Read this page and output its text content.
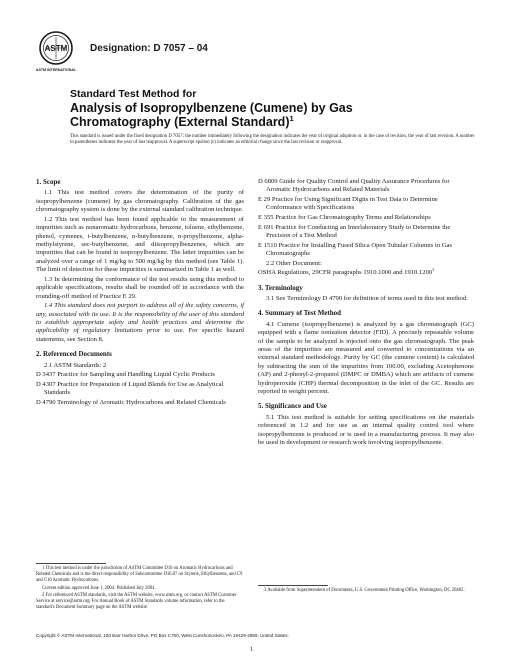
ASTM
ASTM INTERNATIONAL
Designation: D 7057 – 04
Standard Test Method for
Analysis of Isopropylbenzene (Cumene) by Gas
Chromatography (External Standard)$^1$
This standard is issued under the fixed designation D 7057; the number immediately following the designation indicates the year of original adoption or, in the case of revision, the year of last revision. A number in parentheses indicates the year of last reapproval. A superscript epsilon (ε) indicates an editorial change since the last revision or reapproval.
1. Scope

1.1 This test method covers the determination of the purity of isopropylbenzene (cumene) by gas chromatography. Calibration of the gas chromatography system is done by the external standard calibration technique.

1.2 This test method has been found applicable to the measurement of impurities such as nonaromatic hydrocarbons, benzene, toluene, ethylbenzene, phenol, cymenes, t-butylbenzene, n-butylbenzene, n-propylbenzene, alpha-methylstyrene, sec-butylbenzene, and diisopropylbenzenes, which are impurities that can be found in isopropylbenzene. The latter impurities can be analyzed over a range of 1 mg/kg to 500 mg/kg by this method (see Table 1). The limit of detection for these impurities is summarized in Table 1 as well.

1.3 In determining the conformance of the test results using this method to applicable specifications, results shall be rounded off in accordance with the rounding-off method of Practice E 29.

1.4 This standard does not purport to address all of the safety concerns, if any, associated with its use. It is the responsibility of the user of this standard to establish appropriate safety and health practices and determine the applicability of regulatory limitations prior to use. For specific hazard statements, see Section 8.

2. Referenced Documents

2.1 ASTM Standards: 2

D 3437 Practice for Sampling and Handling Liquid Cyclic Products

D 4307 Practice for Preparation of Liquid Blends for Use as Analytical Standards

D 4790 Terminology of Aromatic Hydrocarbons and Related Chemicals

D 6809 Guide for Quality Control and Quality Assurance Procedures for Aromatic Hydrocarbons and Related Materials

E 29 Practice for Using Significant Digits in Test Data to Determine Conformance with Specifications

E 355 Practice for Gas Chromatography Terms and Relationships

E 691 Practice for Conducting an Interlaboratory Study to Determine the Precision of a Test Method

E 1510 Practice for Installing Fused Silica Open Tubular Columns in Gas Chromatographs

2.2 Other Document:

OSHA Regulations, 29CFR paragraphs 1910.1000 and 1910.1200$^3$

3. Terminology

3.1 See Terminology D 4790 for definition of terms used in this test method.

4. Summary of Test Method

4.1 Cumene (isopropylbenzene) is analyzed by a gas chromatograph (GC) equipped with a flame ionization detector (FID). A precisely repeatable volume of the sample to be analyzed is injected onto the gas chromatograph. The peak areas of the impurities are measured and converted to concentrations via an external standard methodology. Purity by GC (the cumene content) is calculated by subtracting the sum of the impurities from 100.00, excluding Acetophenone (AP) and 2-phenyl-2-propanol (DMPC or DMBA) which are artifacts of cumene hydroperoxide (CHP) thermal decomposition in the inlet of the GC. Results are reported in weight percent.

5. Significance and Use

5.1 This test method is suitable for setting specifications on the materials referenced in 1.2 and for use as an internal quality control tool where isopropylbenzene is produced or is used in a manufacturing process. It may also be used in development or research work involving isopropylbenzene.

1 This test method is under the jurisdiction of ASTM Committee D16 on Aromatic Hydrocarbons and Related Chemicals and is the direct responsibility of Subcommittee D16.07 on Styrene, Ethylbenzene, and C9 and C10 Aromatic Hydrocarbons.

Current edition approved June 1, 2004. Published July 2004.

2 For referenced ASTM standards, visit the ASTM website, www.astm.org, or contact ASTM Customer Service at service@astm.org. For Annual Book of ASTM Standards volume information, refer to the standard's Document Summary page on the ASTM website.

3 Available from Superintendent of Documents, U.S. Government Printing Office, Washington, DC 20402.

Copyright © ASTM International, 100 Barr Harbor Drive, PO Box C700, West Conshohocken, PA 19428-2959, United States.
1
